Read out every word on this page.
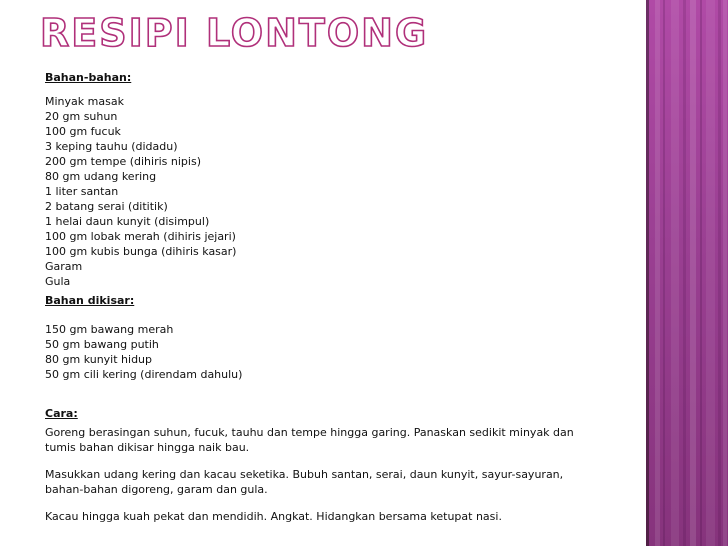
RESIPI LONTONG
Bahan-bahan:
Minyak masak
20 gm suhun
100 gm fucuk
3 keping tauhu (didadu)
200 gm tempe (dihiris nipis)
80 gm udang kering
1 liter santan
2 batang serai (dititik)
1 helai daun kunyit (disimpul)
100 gm lobak merah (dihiris jejari)
100 gm kubis bunga (dihiris kasar)
Garam
Gula
Bahan dikisar:
150 gm bawang merah
50 gm bawang putih
80 gm kunyit hidup
50 gm cili kering (direndam dahulu)
Cara:
Goreng berasingan suhun, fucuk, tauhu dan tempe hingga garing. Panaskan sedikit minyak dan tumis bahan dikisar hingga naik bau.
Masukkan udang kering dan kacau seketika. Bubuh santan, serai, daun kunyit, sayur-sayuran, bahan-bahan digoreng, garam dan gula.
Kacau hingga kuah pekat dan mendidih. Angkat. Hidangkan bersama ketupat nasi.
